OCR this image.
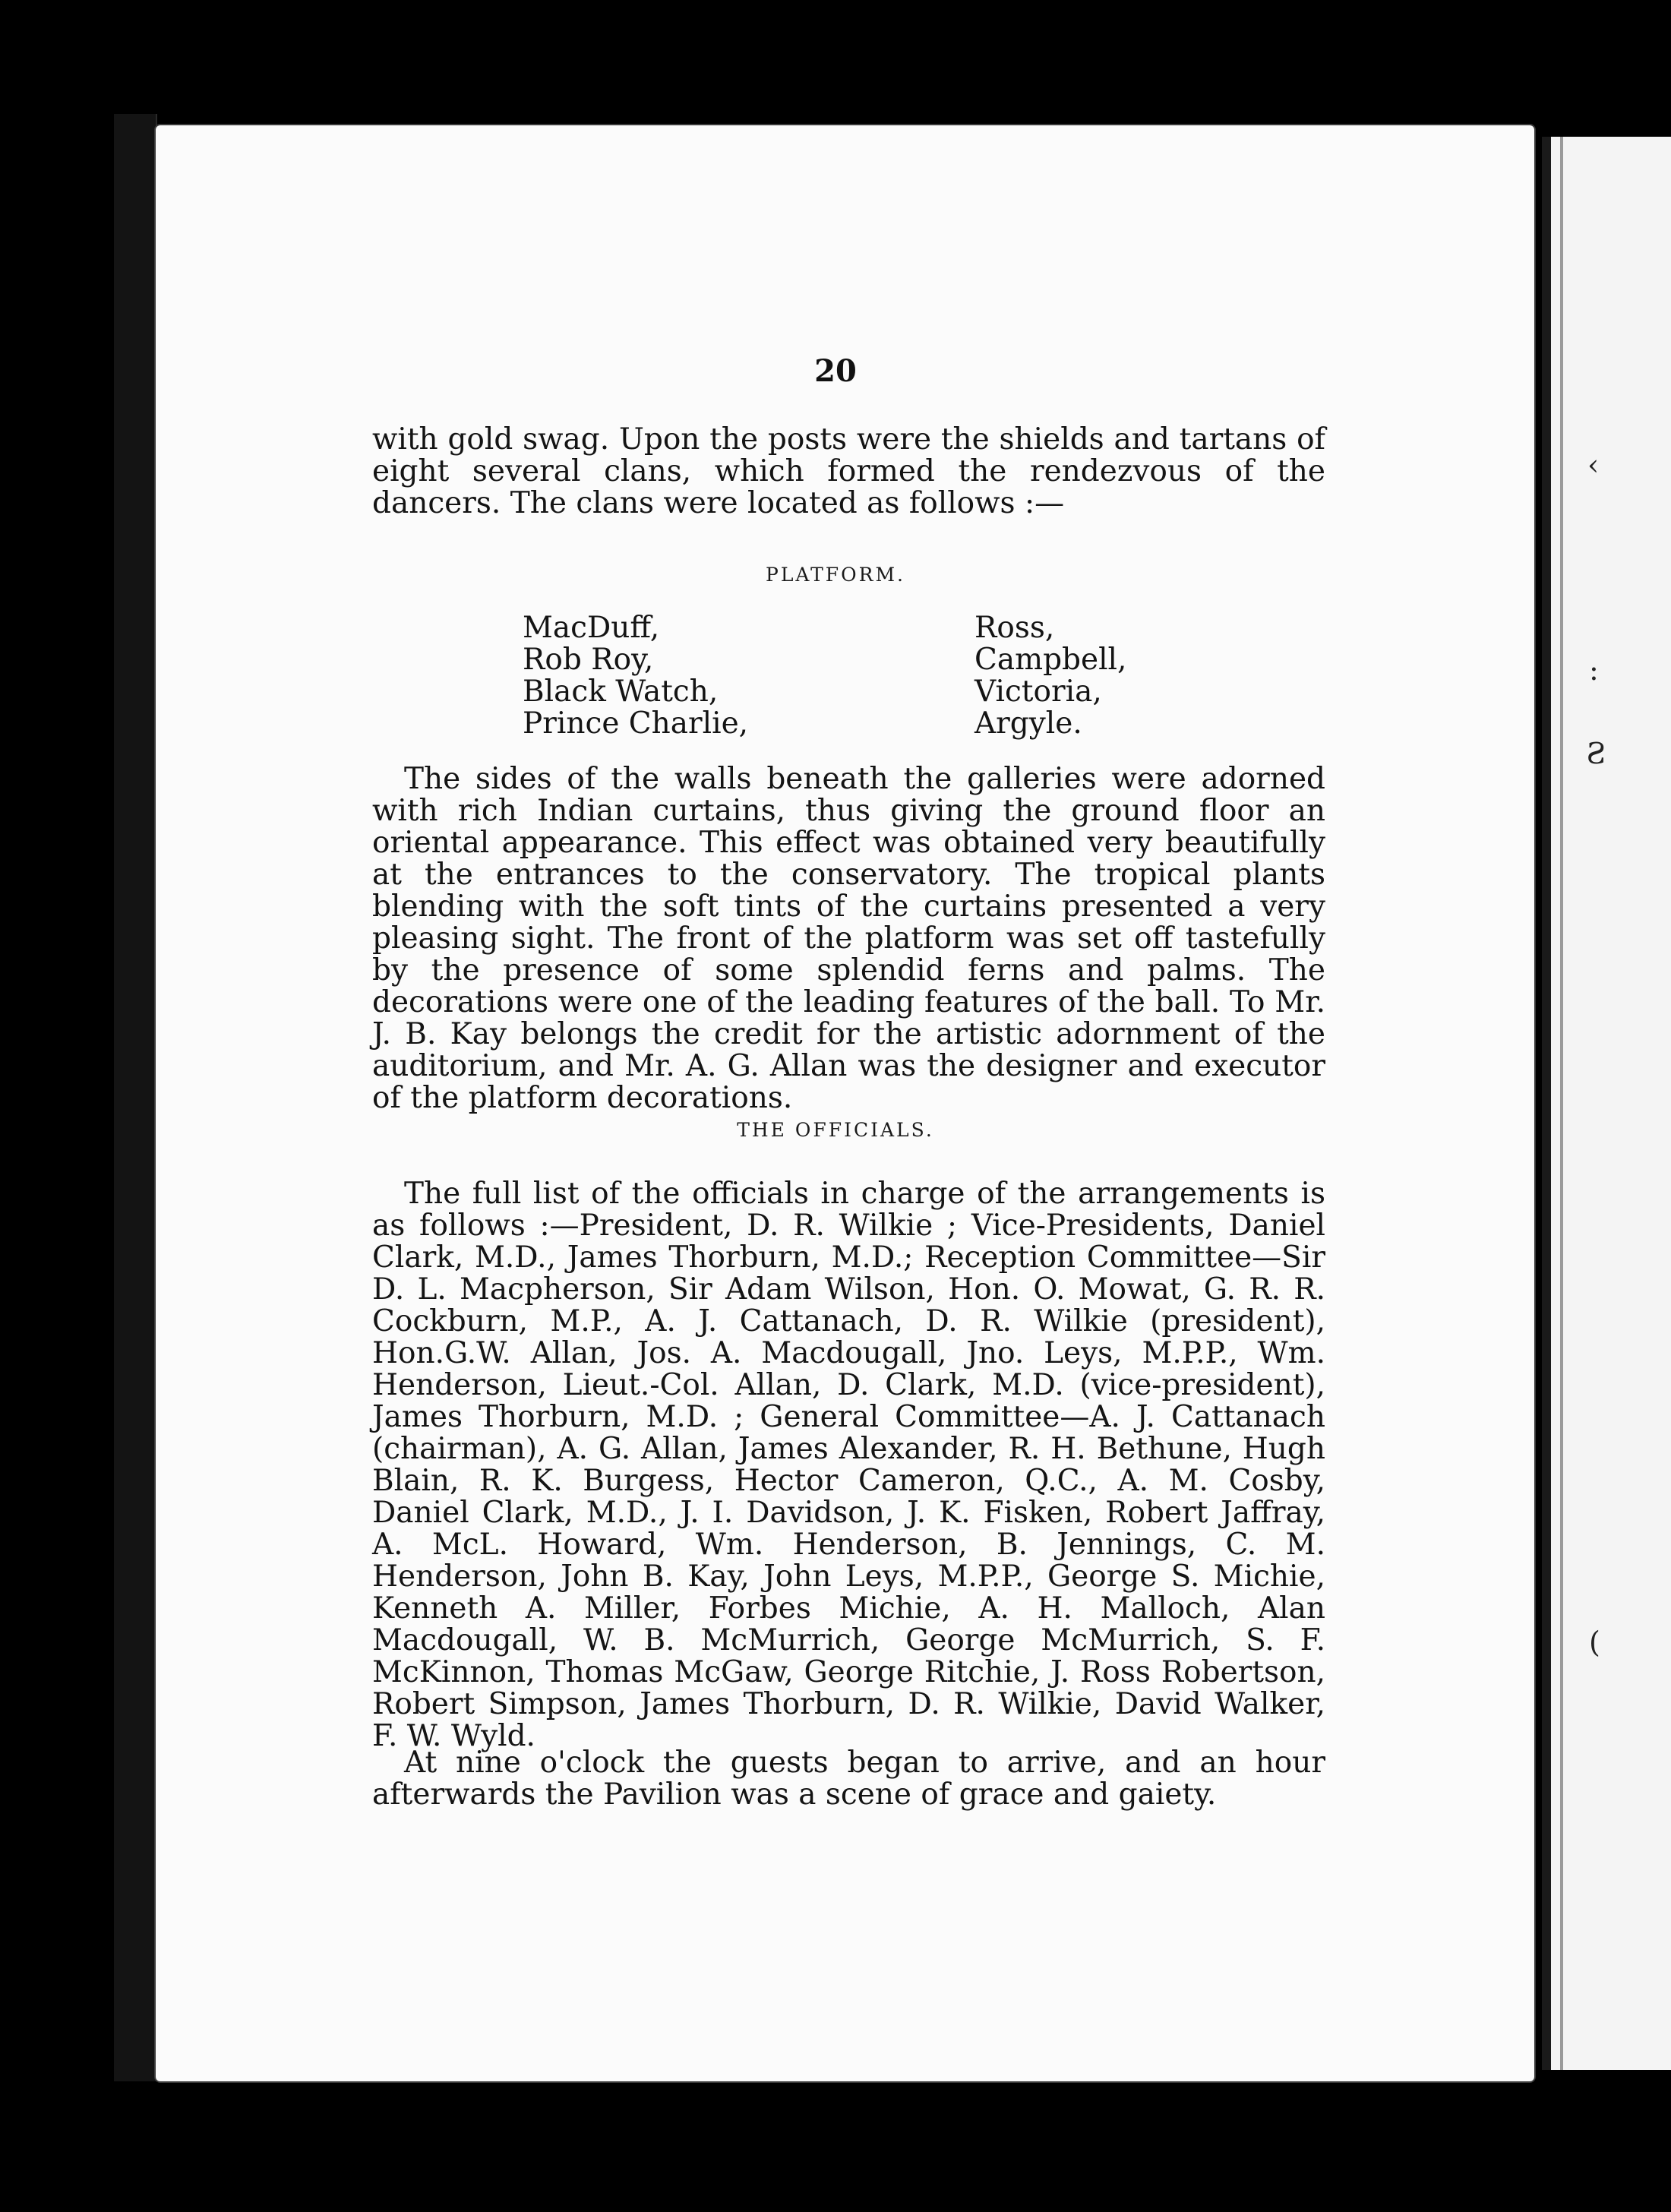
‹
:
Ƨ
(
20
with gold swag. Upon the posts were the shields and tartans of eight several clans, which formed the rendezvous of the dancers. The clans were located as follows :—
PLATFORM.
MacDuff,
Rob Roy,
Black Watch,
Prince Charlie,
Ross,
Campbell,
Victoria,
Argyle.
The sides of the walls beneath the galleries were adorned with rich Indian curtains, thus giving the ground floor an oriental appearance. This effect was obtained very beautifully at the entrances to the conservatory. The tropical plants blending with the soft tints of the curtains presented a very pleasing sight. The front of the platform was set off tastefully by the presence of some splendid ferns and palms. The decorations were one of the leading features of the ball. To Mr. J. B. Kay belongs the credit for the artistic adornment of the auditorium, and Mr. A. G. Allan was the designer and executor of the platform decorations.
THE OFFICIALS.
The full list of the officials in charge of the arrangements is as follows :—President, D. R. Wilkie ; Vice-Presidents, Daniel Clark, M.D., James Thorburn, M.D.; Reception Committee—Sir D. L. Macpherson, Sir Adam Wilson, Hon. O. Mowat, G. R. R. Cockburn, M.P., A. J. Cattanach, D. R. Wilkie (president), Hon.G.W. Allan, Jos. A. Macdougall, Jno. Leys, M.P.P., Wm. Henderson, Lieut.-Col. Allan, D. Clark, M.D. (vice-president), James Thorburn, M.D. ; General Committee—A. J. Cattanach (chairman), A. G. Allan, James Alexander, R. H. Bethune, Hugh Blain, R. K. Burgess, Hector Cameron, Q.C., A. M. Cosby, Daniel Clark, M.D., J. I. Davidson, J. K. Fisken, Robert Jaffray, A. McL. Howard, Wm. Henderson, B. Jennings, C. M. Henderson, John B. Kay, John Leys, M.P.P., George S. Michie, Kenneth A. Miller, Forbes Michie, A. H. Malloch, Alan Macdougall, W. B. McMurrich, George McMurrich, S. F. McKinnon, Thomas McGaw, George Ritchie, J. Ross Robertson, Robert Simpson, James Thorburn, D. R. Wilkie, David Walker, F. W. Wyld.
At nine o'clock the guests began to arrive, and an hour afterwards the Pavilion was a scene of grace and gaiety.
